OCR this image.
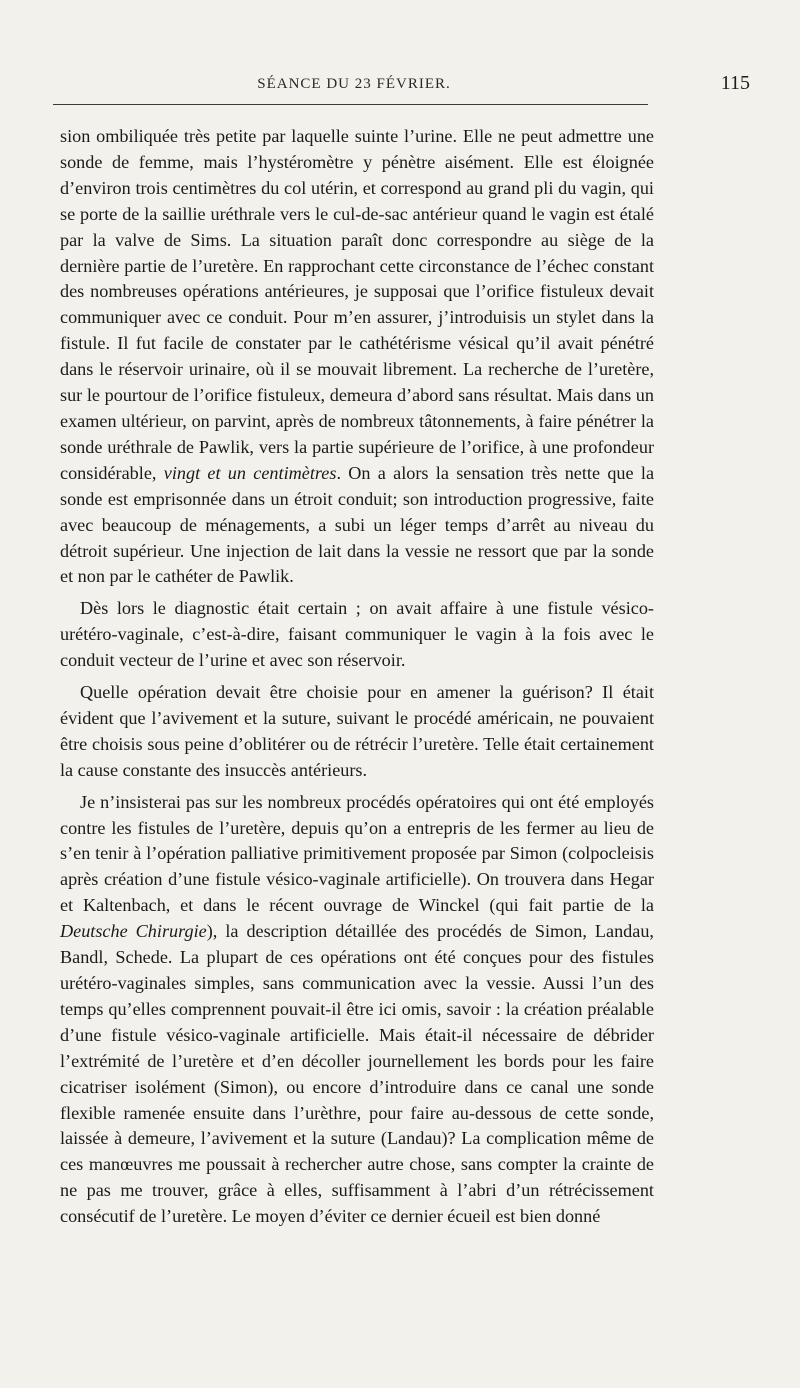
SÉANCE DU 23 FÉVRIER.	115

sion ombiliquée très petite par laquelle suinte l’urine. Elle ne peut admettre une sonde de femme, mais l’hystéromètre y pénètre aisément. Elle est éloignée d’environ trois centimètres du col utérin, et correspond au grand pli du vagin, qui se porte de la saillie uréthrale vers le cul-de-sac antérieur quand le vagin est étalé par la valve de Sims. La situation paraît donc correspondre au siège de la dernière partie de l’uretère. En rapprochant cette circonstance de l’échec constant des nombreuses opérations antérieures, je supposai que l’orifice fistuleux devait communiquer avec ce conduit. Pour m’en assurer, j’introduisis un stylet dans la fistule. Il fut facile de constater par le cathétérisme vésical qu’il avait pénétré dans le réservoir urinaire, où il se mouvait librement. La recherche de l’uretère, sur le pourtour de l’orifice fistuleux, demeura d’abord sans résultat. Mais dans un examen ultérieur, on parvint, après de nombreux tâtonnements, à faire pénétrer la sonde uréthrale de Pawlik, vers la partie supérieure de l’orifice, à une profondeur considérable, vingt et un centimètres. On a alors la sensation très nette que la sonde est emprisonnée dans un étroit conduit; son introduction progressive, faite avec beaucoup de ménagements, a subi un léger temps d’arrêt au niveau du détroit supérieur. Une injection de lait dans la vessie ne ressort que par la sonde et non par le cathéter de Pawlik.

Dès lors le diagnostic était certain ; on avait affaire à une fistule vésico-urétéro-vaginale, c’est-à-dire, faisant communiquer le vagin à la fois avec le conduit vecteur de l’urine et avec son réservoir.

Quelle opération devait être choisie pour en amener la guérison? Il était évident que l’avivement et la suture, suivant le procédé américain, ne pouvaient être choisis sous peine d’oblitérer ou de rétrécir l’uretère. Telle était certainement la cause constante des insuccès antérieurs.

Je n’insisterai pas sur les nombreux procédés opératoires qui ont été employés contre les fistules de l’uretère, depuis qu’on a entrepris de les fermer au lieu de s’en tenir à l’opération palliative primitivement proposée par Simon (colpocleisis après création d’une fistule vésico-vaginale artificielle). On trouvera dans Hegar et Kaltenbach, et dans le récent ouvrage de Winckel (qui fait partie de la Deutsche Chirurgie), la description détaillée des procédés de Simon, Landau, Bandl, Schede. La plupart de ces opérations ont été conçues pour des fistules urétéro-vaginales simples, sans communication avec la vessie. Aussi l’un des temps qu’elles comprennent pouvait-il être ici omis, savoir : la création préalable d’une fistule vésico-vaginale artificielle. Mais était-il nécessaire de débrider l’extrémité de l’uretère et d’en décoller journellement les bords pour les faire cicatriser isolément (Simon), ou encore d’introduire dans ce canal une sonde flexible ramenée ensuite dans l’urèthre, pour faire au-dessous de cette sonde, laissée à demeure, l’avivement et la suture (Landau)? La complication même de ces manœuvres me poussait à rechercher autre chose, sans compter la crainte de ne pas me trouver, grâce à elles, suffisamment à l’abri d’un rétrécissement consécutif de l’uretère. Le moyen d’éviter ce dernier écueil est bien donné
